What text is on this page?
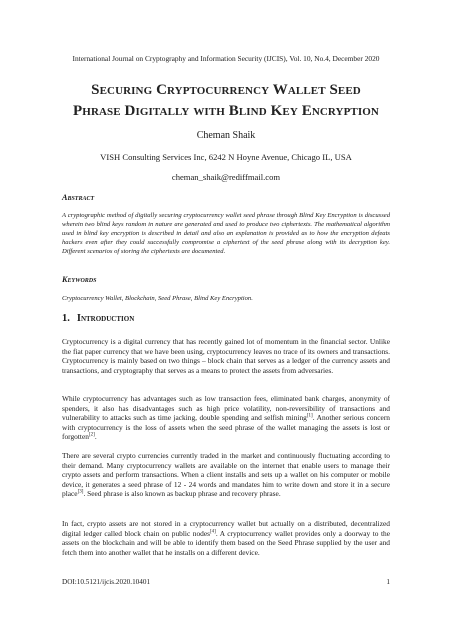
International Journal on Cryptography and Information Security (IJCIS), Vol. 10, No.4, December 2020
Securing Cryptocurrency Wallet Seed
Phrase Digitally with Blind Key Encryption
Cheman Shaik
VISH Consulting Services Inc, 6242 N Hoyne Avenue, Chicago IL, USA
cheman_shaik@rediffmail.com
Abstract
A cryptographic method of digitally securing cryptocurrency wallet seed phrase through Blind Key Encryption is discussed wherein two blind keys random in nature are generated and used to produce two ciphertexts. The mathematical algorithm used in blind key encryption is described in detail and also an explanation is provided as to how the encryption defeats hackers even after they could successfully compromise a ciphertext of the seed phrase along with its decryption key. Different scenarios of storing the ciphertexts are documented.
Keywords
Cryptocurrency Wallet, Blockchain, Seed Phrase, Blind Key Encryption.
1. Introduction
Cryptocurrency is a digital currency that has recently gained lot of momentum in the financial sector. Unlike the fiat paper currency that we have been using, cryptocurrency leaves no trace of its owners and transactions. Cryptocurrency is mainly based on two things – block chain that serves as a ledger of the currency assets and transactions, and cryptography that serves as a means to protect the assets from adversaries.
While cryptocurrency has advantages such as low transaction fees, eliminated bank charges, anonymity of spenders, it also has disadvantages such as high price volatility, non-reversibility of transactions and vulnerability to attacks such as time jacking, double spending and selfish mining[1]. Another serious concern with cryptocurrency is the loss of assets when the seed phrase of the wallet managing the assets is lost or forgotten[2].
There are several crypto currencies currently traded in the market and continuously fluctuating according to their demand. Many cryptocurrency wallets are available on the internet that enable users to manage their crypto assets and perform transactions. When a client installs and sets up a wallet on his computer or mobile device, it generates a seed phrase of 12 - 24 words and mandates him to write down and store it in a secure place[3]. Seed phrase is also known as backup phrase and recovery phrase.
In fact, crypto assets are not stored in a cryptocurrency wallet but actually on a distributed, decentralized digital ledger called block chain on public nodes[4]. A cryptocurrency wallet provides only a doorway to the assets on the blockchain and will be able to identify them based on the Seed Phrase supplied by the user and fetch them into another wallet that he installs on a different device.
DOI:10.5121/ijcis.2020.10401	1
